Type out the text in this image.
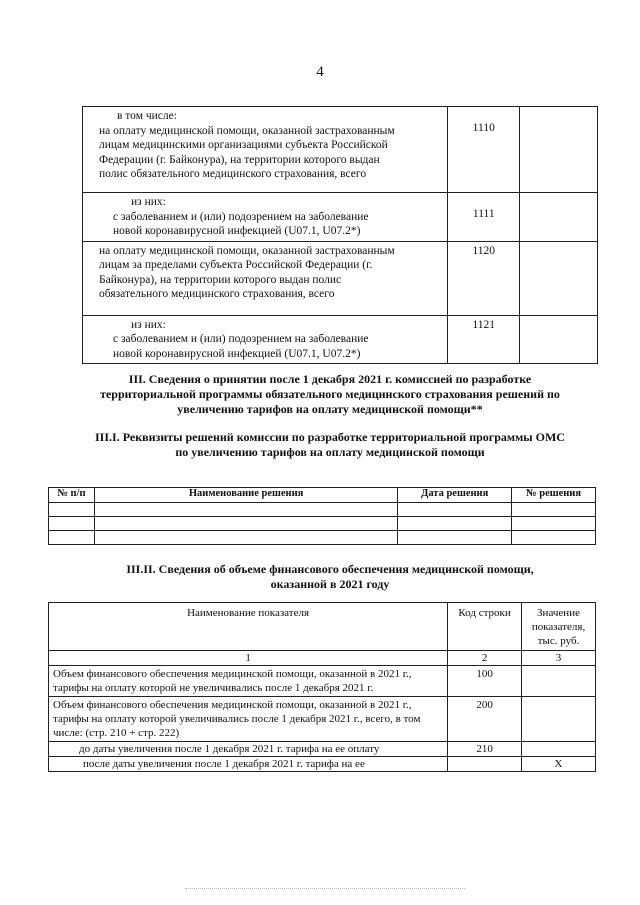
4
в том числе:
на оплату медицинской помощи, оказанной застрахованным
лицам медицинскими организациями субъекта Российской
Федерации (г. Байконура), на территории которого выдан
полис обязательного медицинского страхования, всего	1110	

из них:
с заболеванием и (или) подозрением на заболевание
новой коронавирусной инфекцией (U07.1, U07.2*)	1111	
на оплату медицинской помощи, оказанной застрахованным
лицам за пределами субъекта Российской Федерации (г.
Байконура), на территории которого выдан полис
обязательного медицинского страхования, всего	1120	

из них:
с заболеванием и (или) подозрением на заболевание
новой коронавирусной инфекцией (U07.1, U07.2*)	1121	
III. Сведения о принятии после 1 декабря 2021 г. комиссией по разработке
территориальной программы обязательного медицинского страхования решений по
увеличению тарифов на оплату медицинской помощи**
III.I. Реквизиты решений комиссии по разработке территориальной программы ОМС
по увеличению тарифов на оплату медицинской помощи
№ п/п	Наименование решения	Дата решения	№ решения

III.II. Сведения об объеме финансового обеспечения медицинской помощи,
оказанной в 2021 году
Наименование показателя	Код строки	Значение показателя, тыс. руб.
1	2	3
Объем финансового обеспечения медицинской помощи, оказанной в 2021 г., тарифы на оплату которой не увеличивались после 1 декабря 2021 г.	100	
Объем финансового обеспечения медицинской помощи, оказанной в 2021 г., тарифы на оплату которой увеличивались после 1 декабря 2021 г., всего, в том числе: (стр. 210 + стр. 222)	200	
до даты увеличения после 1 декабря 2021 г. тарифа на ее оплату	210	
после даты увеличения после 1 декабря 2021 г. тарифа на ее		X
